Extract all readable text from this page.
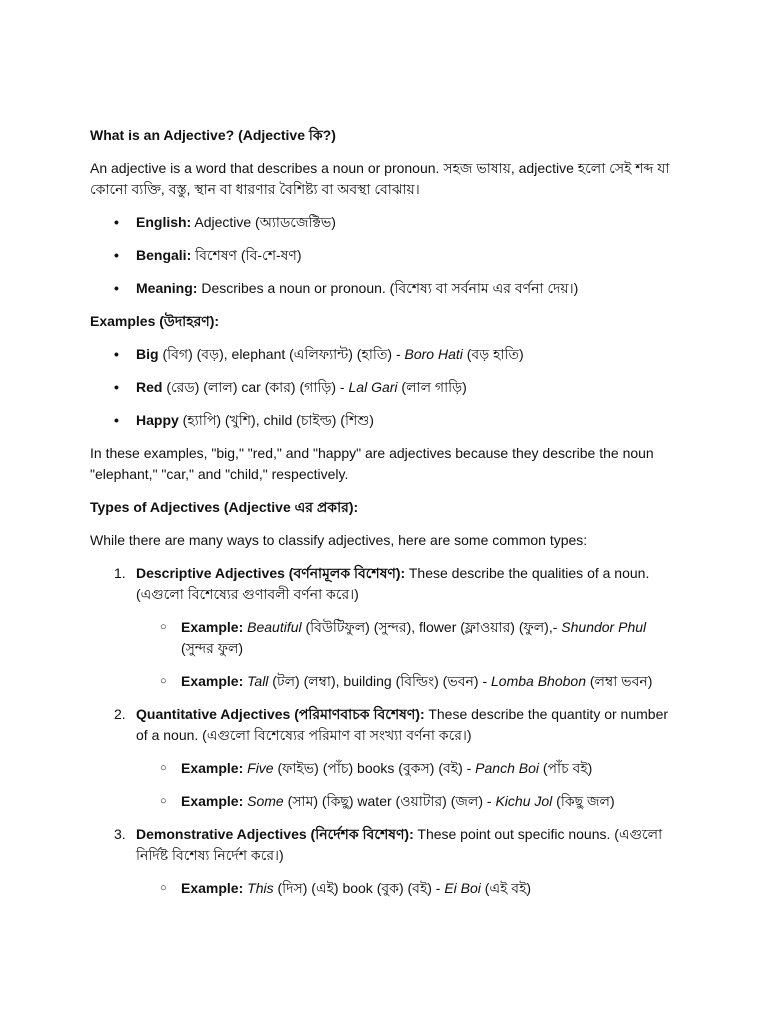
What is an Adjective? (Adjective কি?)

An adjective is a word that describes a noun or pronoun. সহজ ভাষায়, adjective হলো সেই শব্দ যা কোনো ব্যক্তি, বস্তু, স্থান বা ধারণার বৈশিষ্ট্য বা অবস্থা বোঝায়।

• English: Adjective (অ্যাডজেক্টিভ)
• Bengali: বিশেষণ (বি-শে-ষণ)
• Meaning: Describes a noun or pronoun. (বিশেষ্য বা সর্বনাম এর বর্ণনা দেয়।)

Examples (উদাহরণ):

• Big (বিগ) (বড়), elephant (এলিফ্যান্ট) (হাতি) - Boro Hati (বড় হাতি)
• Red (রেড) (লাল) car (কার) (গাড়ি) - Lal Gari (লাল গাড়ি)
• Happy (হ্যাপি) (খুশি), child (চাইল্ড) (শিশু)

In these examples, "big," "red," and "happy" are adjectives because they describe the noun "elephant," "car," and "child," respectively.

Types of Adjectives (Adjective এর প্রকার):

While there are many ways to classify adjectives, here are some common types:

1. Descriptive Adjectives (বর্ণনামূলক বিশেষণ): These describe the qualities of a noun. (এগুলো বিশেষ্যের গুণাবলী বর্ণনা করে।)
○ Example: Beautiful (বিউটিফুল) (সুন্দর), flower (ফ্লাওয়ার) (ফুল),- Shundor Phul (সুন্দর ফুল)
○ Example: Tall (টল) (লম্বা), building (বিল্ডিং) (ভবন) - Lomba Bhobon (লম্বা ভবন)
2. Quantitative Adjectives (পরিমাণবাচক বিশেষণ): These describe the quantity or number of a noun. (এগুলো বিশেষ্যের পরিমাণ বা সংখ্যা বর্ণনা করে।)
○ Example: Five (ফাইভ) (পাঁচ) books (বুকস) (বই) - Panch Boi (পাঁচ বই)
○ Example: Some (সাম) (কিছু) water (ওয়াটার) (জল) - Kichu Jol (কিছু জল)
3. Demonstrative Adjectives (নির্দেশক বিশেষণ): These point out specific nouns. (এগুলো নির্দিষ্ট বিশেষ্য নির্দেশ করে।)
○ Example: This (দিস) (এই) book (বুক) (বই) - Ei Boi (এই বই)
